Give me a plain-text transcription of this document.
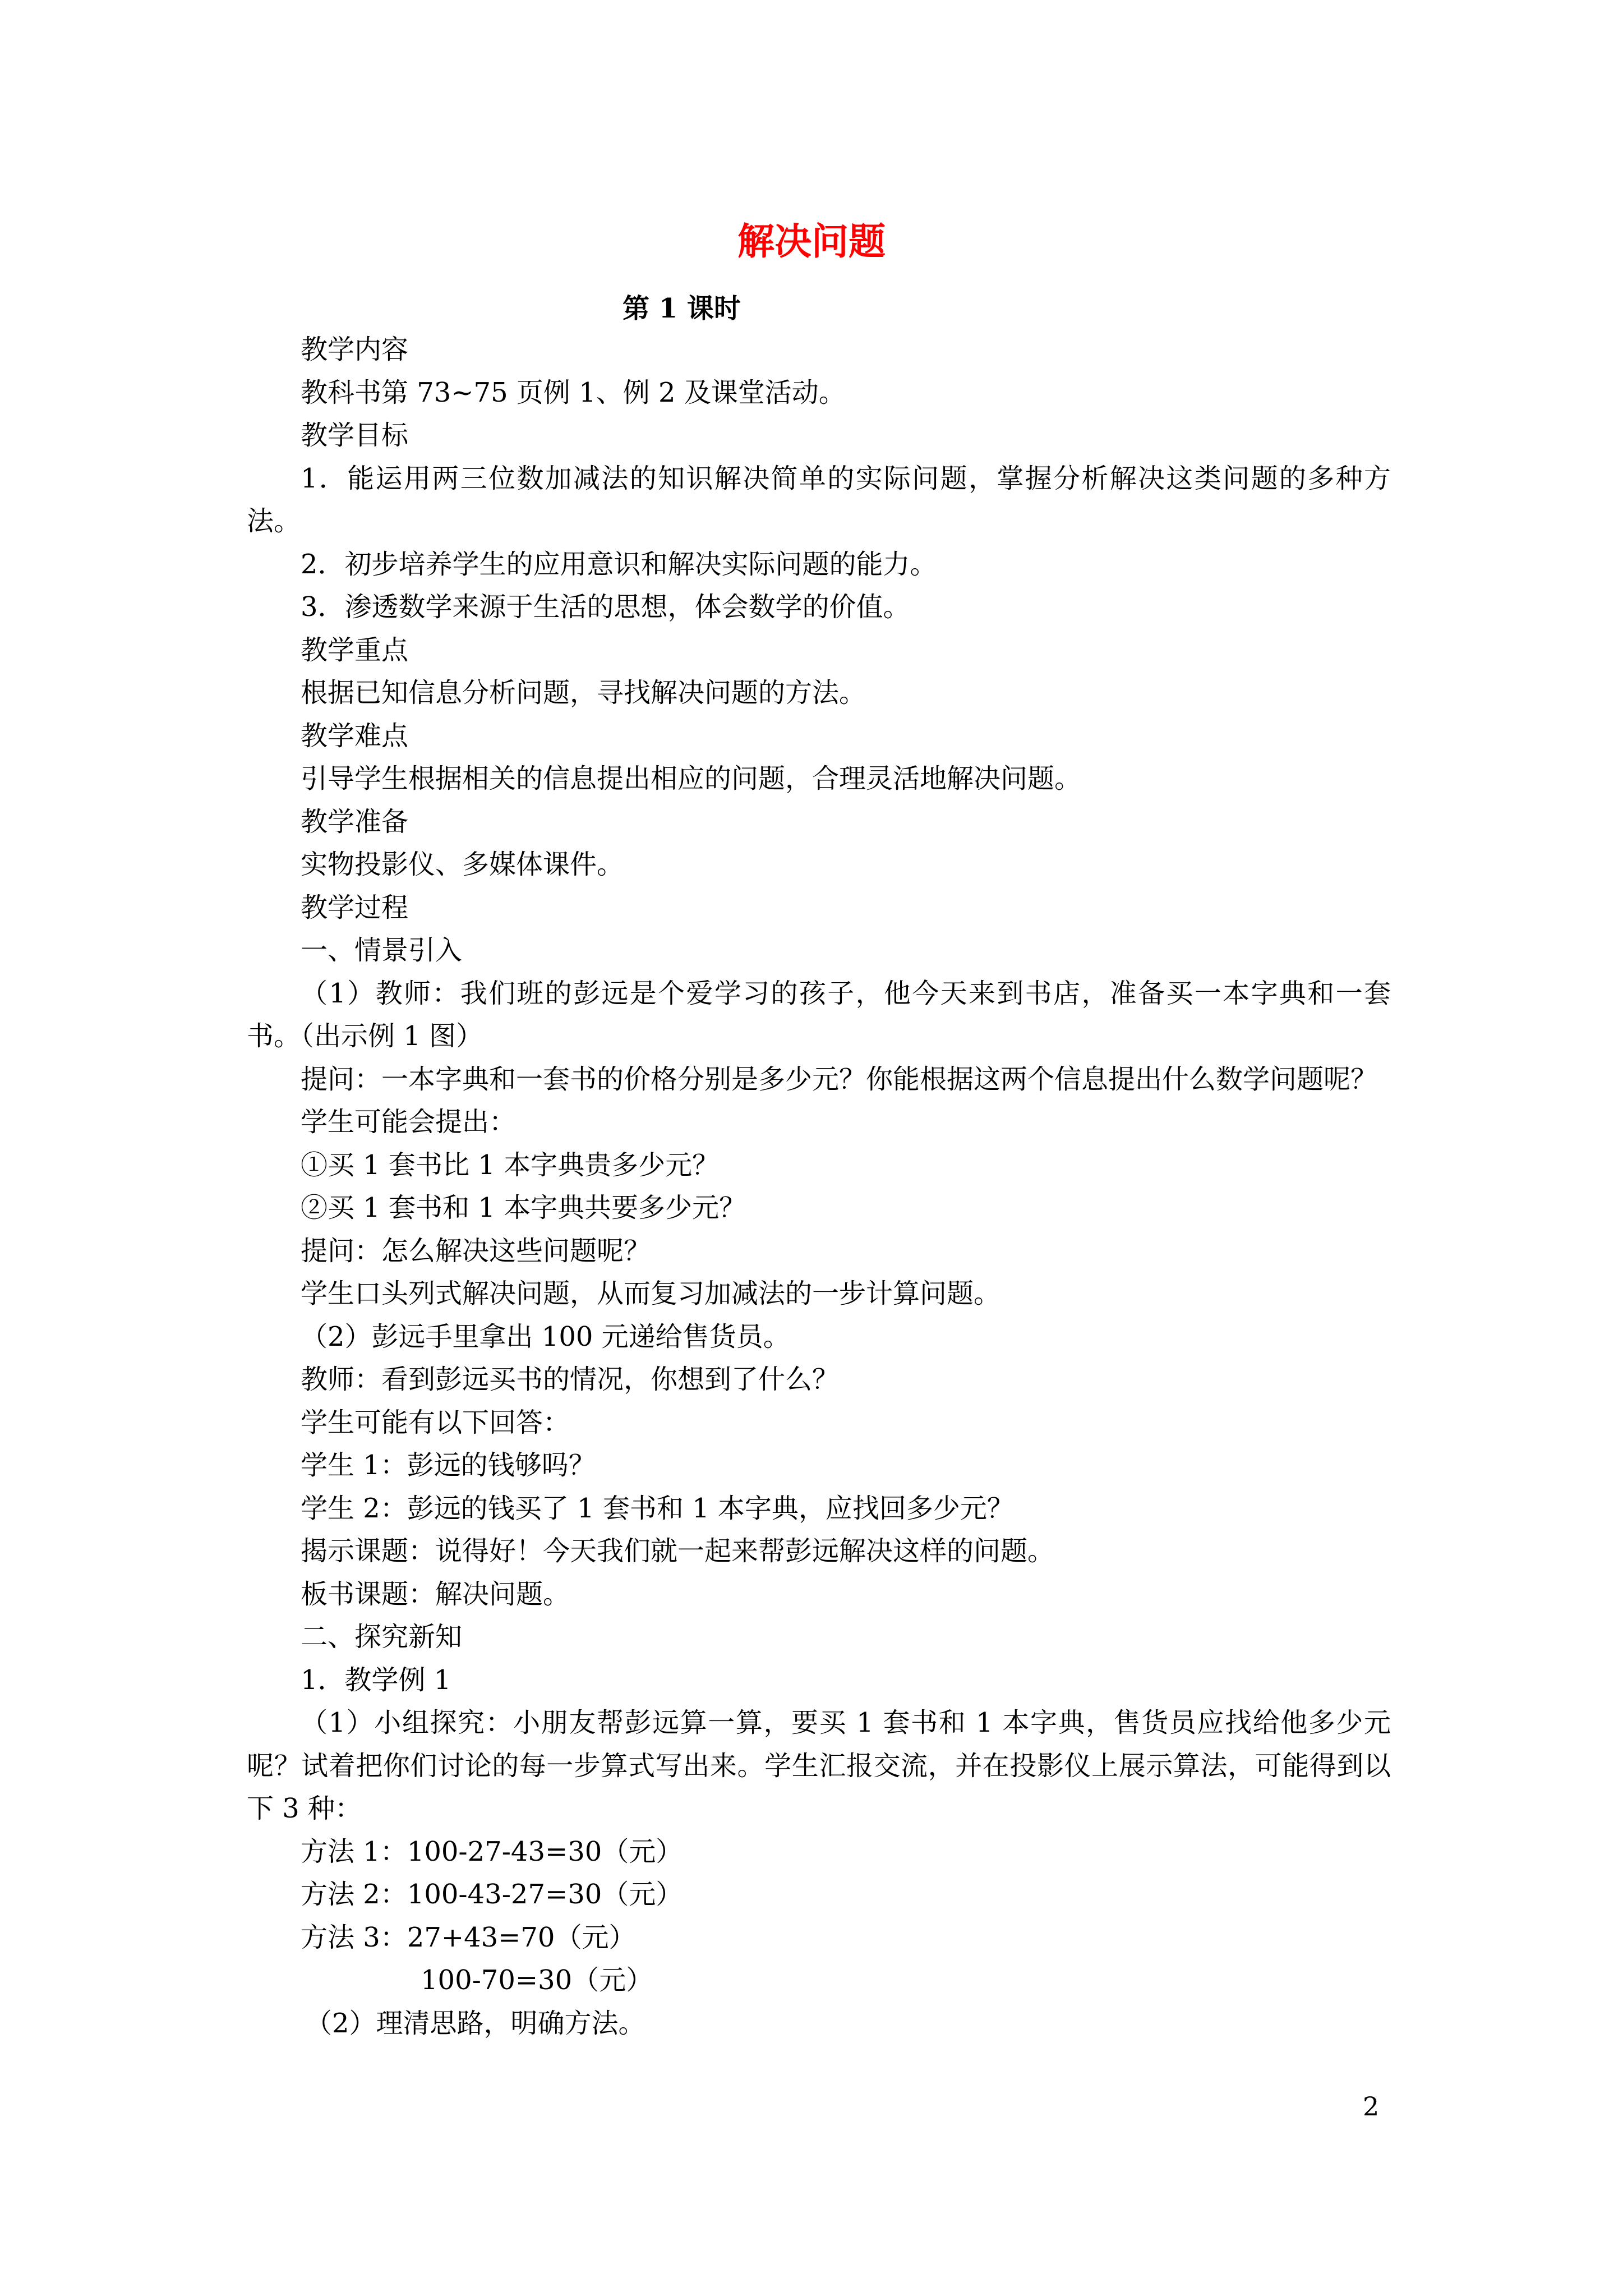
解决问题
第 1 课时

教学内容

教科书第 73~75 页例 1、例 2 及课堂活动。

教学目标

1．能运用两三位数加减法的知识解决简单的实际问题，掌握分析解决这类问题的多种方法。

2．初步培养学生的应用意识和解决实际问题的能力。

3．渗透数学来源于生活的思想，体会数学的价值。

教学重点

根据已知信息分析问题，寻找解决问题的方法。

教学难点

引导学生根据相关的信息提出相应的问题，合理灵活地解决问题。

教学准备

实物投影仪、多媒体课件。

教学过程

一、情景引入

（1）教师：我们班的彭远是个爱学习的孩子，他今天来到书店，准备买一本字典和一套书。（出示例 1 图）

提问：一本字典和一套书的价格分别是多少元？你能根据这两个信息提出什么数学问题呢？

学生可能会提出：

①买 1 套书比 1 本字典贵多少元？

②买 1 套书和 1 本字典共要多少元？

提问：怎么解决这些问题呢？

学生口头列式解决问题，从而复习加减法的一步计算问题。

（2）彭远手里拿出 100 元递给售货员。

教师：看到彭远买书的情况，你想到了什么？

学生可能有以下回答：

学生 1：彭远的钱够吗？

学生 2：彭远的钱买了 1 套书和 1 本字典，应找回多少元？

揭示课题：说得好！今天我们就一起来帮彭远解决这样的问题。

板书课题：解决问题。

二、探究新知

1．教学例 1

（1）小组探究：小朋友帮彭远算一算，要买 1 套书和 1 本字典，售货员应找给他多少元呢？试着把你们讨论的每一步算式写出来。学生汇报交流，并在投影仪上展示算法，可能得到以下 3 种：

方法 1：100-27-43=30（元）

方法 2：100-43-27=30（元）

方法 3：27+43=70（元）

100-70=30（元）

（2）理清思路，明确方法。

2
